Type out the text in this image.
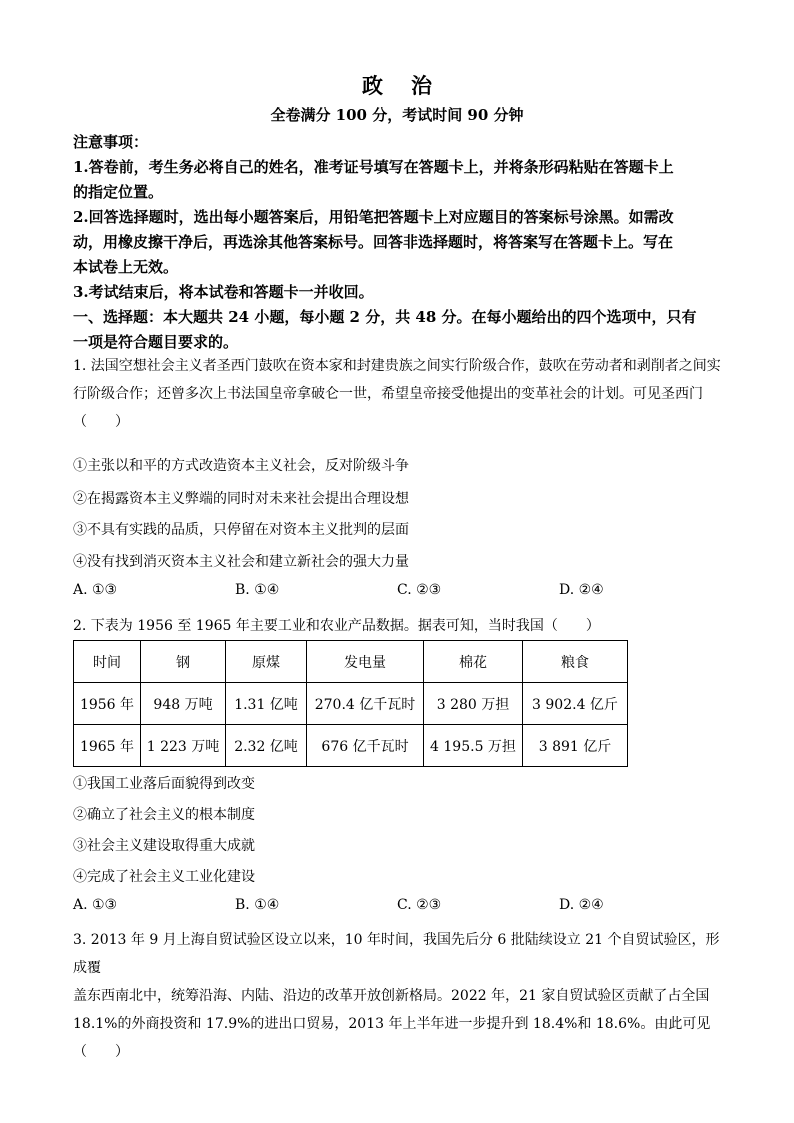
政治
全卷满分 100 分，考试时间 90 分钟

注意事项：

1.答卷前，考生务必将自己的姓名，准考证号填写在答题卡上，并将条形码粘贴在答题卡上

的指定位置。

2.回答选择题时，选出每小题答案后，用铅笔把答题卡上对应题目的答案标号涂黑。如需改

动，用橡皮擦干净后，再选涂其他答案标号。回答非选择题时，将答案写在答题卡上。写在

本试卷上无效。

3.考试结束后，将本试卷和答题卡一并收回。

一、选择题：本大题共 24 小题，每小题 2 分，共 48 分。在每小题给出的四个选项中，只有

一项是符合题目要求的。

1. 法国空想社会主义者圣西门鼓吹在资本家和封建贵族之间实行阶级合作，鼓吹在劳动者和剥削者之间实

行阶级合作；还曾多次上书法国皇帝拿破仑一世，希望皇帝接受他提出的变革社会的计划。可见圣西门

（　　）

①主张以和平的方式改造资本主义社会，反对阶级斗争
②在揭露资本主义弊端的同时对未来社会提出合理设想
③不具有实践的品质，只停留在对资本主义批判的层面
④没有找到消灭资本主义社会和建立新社会的强大力量
A. ①③	B. ①④	C. ②③	D. ②④

2. 下表为 1956 至 1965 年主要工业和农业产品数据。据表可知，当时我国（　　）

时间	钢	原煤	发电量	棉花	粮食
1956 年	948 万吨	1.31 亿吨	270.4 亿千瓦时	3 280 万担	3 902.4 亿斤
1965 年	1 223 万吨	2.32 亿吨	676 亿千瓦时	4 195.5 万担	3 891 亿斤
①我国工业落后面貌得到改变
②确立了社会主义的根本制度
③社会主义建设取得重大成就
④完成了社会主义工业化建设
A. ①③	B. ①④	C. ②③	D. ②④

3. 2013 年 9 月上海自贸试验区设立以来，10 年时间，我国先后分 6 批陆续设立 21 个自贸试验区，形成覆

盖东西南北中，统筹沿海、内陆、沿边的改革开放创新格局。2022 年，21 家自贸试验区贡献了占全国

18.1%的外商投资和 17.9%的进出口贸易，2013 年上半年进一步提升到 18.4%和 18.6%。由此可见（　　）
